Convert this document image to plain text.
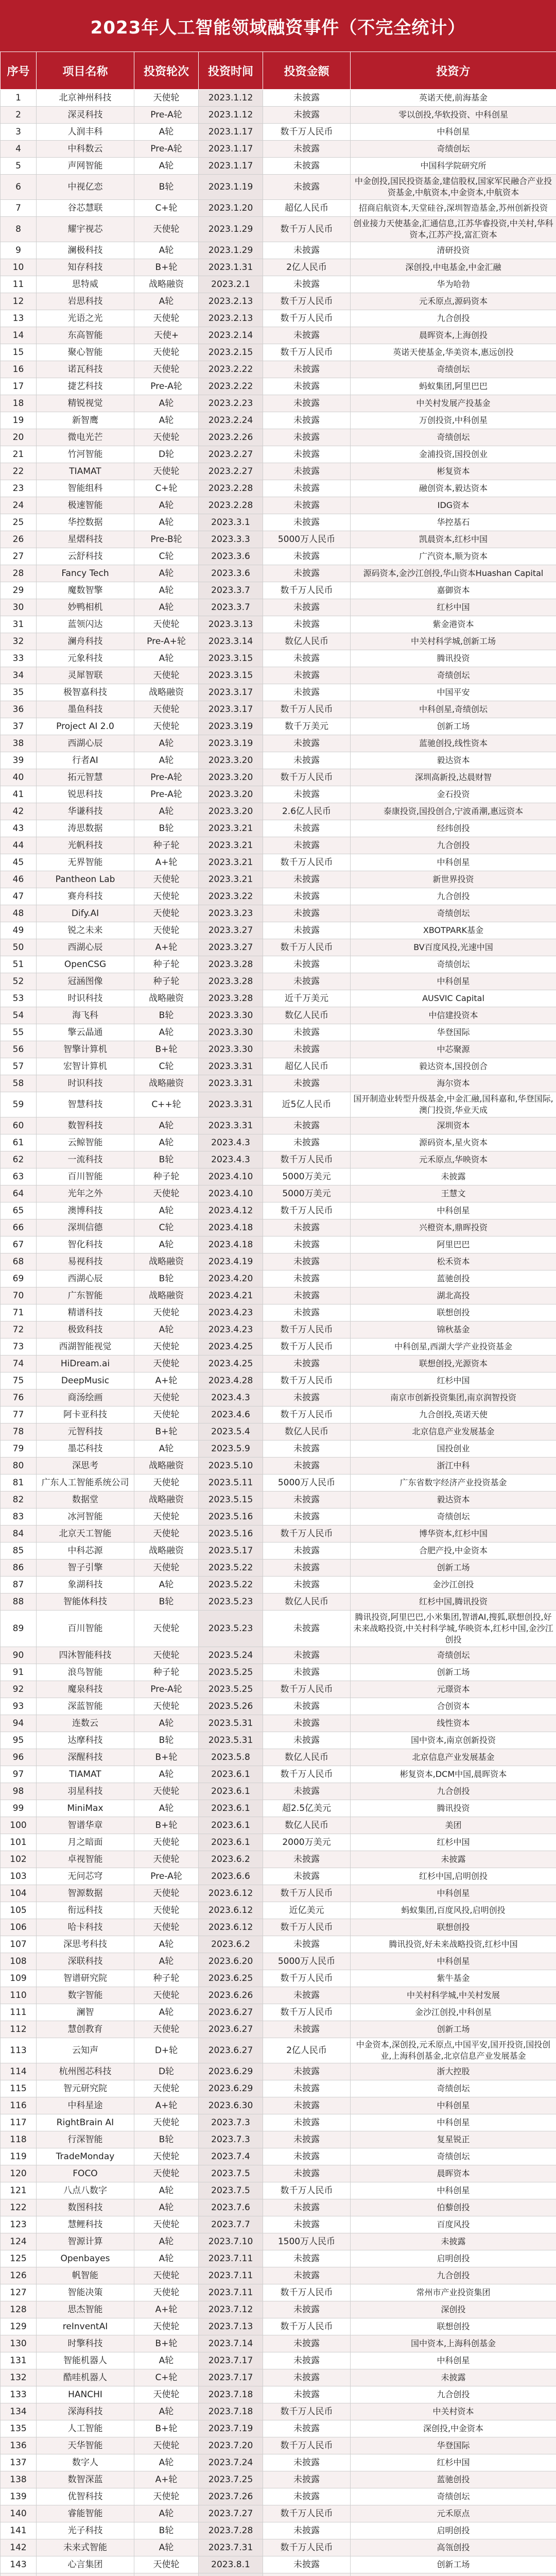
2023年人工智能领域融资事件（不完全统计）
序号	项目名称	投资轮次	投资时间	投资金额	投资方
1	北京神州科技	天使轮	2023.1.12	未披露	英诺天使,前海基金
2	深灵科技	Pre-A轮	2023.1.12	未披露	零以创投,华软投资、中科创星
3	人润丰科	A轮	2023.1.17	数千万人民币	中科创星
4	中科数云	Pre-A轮	2023.1.17	未披露	奇绩创坛
5	声网智能	A轮	2023.1.17	未披露	中国科学院研究所
6	中视亿恋	B轮	2023.1.19	未披露	中金创投,国民投资基金,建信股权,国家军民融合产业投资基金,中航资本,中金资本,中航资本
7	谷芯慧联	C+轮	2023.1.20	超亿人民币	招商启航资本,天堂硅谷,深圳智造基金,苏州创新投资
8	耀宇视芯	天使轮	2023.1.29	数千万人民币	创业接力天使基金,汇通信息,江苏华睿投资,中关村,华科资本,江苏产投,富汇资本
9	澜极科技	A轮	2023.1.29	未披露	清研投资
10	知存科技	B+轮	2023.1.31	2亿人民币	深创投,中电基金,中金汇融
11	思特威	战略融资	2023.2.1	未披露	华为哈勃
12	岩思科技	A轮	2023.2.13	数千万人民币	元禾原点,源码资本
13	光语之光	天使轮	2023.2.13	数千万人民币	九合创投
14	东高智能	天使+	2023.2.14	未披露	晨晖资本,上海创投
15	聚心智能	天使轮	2023.2.15	数千万人民币	英诺天使基金,华美资本,惠远创投
16	诺瓦科技	天使轮	2023.2.22	未披露	奇绩创坛
17	捷艺科技	Pre-A轮	2023.2.22	未披露	蚂蚁集团,阿里巴巴
18	精锐视觉	A轮	2023.2.23	未披露	中关村发展产投基金
19	新智鹰	A轮	2023.2.24	未披露	万创投资,中科创星
20	微电光芒	天使轮	2023.2.26	未披露	奇绩创坛
21	竹河智能	D轮	2023.2.27	未披露	金浦投资,国投创业
22	TIAMAT	天使轮	2023.2.27	未披露	彬复资本
23	智能组科	C+轮	2023.2.28	未披露	融创资本,毅达资本
24	极速智能	A轮	2023.2.28	未披露	IDG资本
25	华控数据	A轮	2023.3.1	未披露	华控基石
26	星熠科技	Pre-B轮	2023.3.3	5000万人民币	凯晨资本,红杉中国
27	云舒科技	C轮	2023.3.6	未披露	广汽资本,顺为资本
28	Fancy Tech	A轮	2023.3.6	未披露	源码资本,金沙江创投,华山资本Huashan Capital
29	魔数智擎	A轮	2023.3.7	数千万人民币	嘉御资本
30	妙鸭相机	A轮	2023.3.7	未披露	红杉中国
31	蓝领闪达	天使轮	2023.3.13	未披露	紫金港资本
32	澜舟科技	Pre-A+轮	2023.3.14	数亿人民币	中关村科学城,创新工场
33	元象科技	A轮	2023.3.15	未披露	腾讯投资
34	灵犀智联	天使轮	2023.3.15	未披露	奇绩创坛
35	极智嘉科技	战略融资	2023.3.17	未披露	中国平安
36	墨鱼科技	天使轮	2023.3.17	数千万人民币	中科创星,奇绩创坛
37	Project AI 2.0	天使轮	2023.3.19	数千万美元	创新工场
38	西湖心辰	A轮	2023.3.19	未披露	蓝驰创投,线性资本
39	行者AI	A轮	2023.3.20	未披露	毅达资本
40	拓元智慧	Pre-A轮	2023.3.20	数千万人民币	深圳高新投,达晨财智
41	锐思科技	Pre-A轮	2023.3.20	未披露	金石投资
42	华谦科技	A轮	2023.3.20	2.6亿人民币	泰康投资,国投创合,宁波甬潮,惠远资本
43	涛思数据	B轮	2023.3.21	未披露	经纬创投
44	光帆科技	种子轮	2023.3.21	未披露	九合创投
45	无界智能	A+轮	2023.3.21	数千万人民币	中科创星
46	Pantheon Lab	天使轮	2023.3.21	未披露	新世界投资
47	赛舟科技	天使轮	2023.3.22	未披露	九合创投
48	Dify.AI	天使轮	2023.3.23	未披露	奇绩创坛
49	锐之未来	天使轮	2023.3.27	未披露	XBOTPARK基金
50	西湖心辰	A+轮	2023.3.27	数千万人民币	BV百度风投,光速中国
51	OpenCSG	种子轮	2023.3.28	未披露	奇绩创坛
52	冠涵图像	种子轮	2023.3.28	未披露	中科创星
53	时识科技	战略融资	2023.3.28	近千万美元	AUSVIC Capital
54	海飞科	B轮	2023.3.30	数亿人民币	中信建投资本
55	擎云晶通	A轮	2023.3.30	未披露	华登国际
56	智擎计算机	B+轮	2023.3.30	未披露	中芯聚源
57	宏智计算机	C轮	2023.3.31	超亿人民币	毅达资本,国投创合
58	时识科技	战略融资	2023.3.31	未披露	海尔资本
59	智慧科技	C++轮	2023.3.31	近5亿人民币	国开制造业转型升级基金,中金汇融,国科嘉和,华登国际,澳门投资,华业天成
60	数智科技	A轮	2023.3.31	未披露	深圳资本
61	云鲸智能	A轮	2023.4.3	未披露	源码资本,星火资本
62	一流科技	B轮	2023.4.3	数千万人民币	元禾原点,华映资本
63	百川智能	种子轮	2023.4.10	5000万美元	未披露
64	光年之外	天使轮	2023.4.10	5000万美元	王慧文
65	澳博科技	A轮	2023.4.12	数千万人民币	中科创星
66	深圳信德	C轮	2023.4.18	未披露	兴橙资本,鼎晖投资
67	智化科技	A轮	2023.4.18	未披露	阿里巴巴
68	易视科技	战略融资	2023.4.19	未披露	松禾资本
69	西湖心辰	B轮	2023.4.20	未披露	蓝驰创投
70	广东智能	战略融资	2023.4.21	未披露	湖北高投
71	精谱科技	天使轮	2023.4.23	未披露	联想创投
72	极致科技	A轮	2023.4.23	数千万人民币	锦秋基金
73	西湖智能视觉	天使轮	2023.4.25	数千万人民币	中科创星,西湖大学产业投资基金
74	HiDream.ai	天使轮	2023.4.25	未披露	联想创投,光源资本
75	DeepMusic	A+轮	2023.4.28	数千万人民币	红杉中国
76	商汤绘画	天使轮	2023.4.3	未披露	南京市创新投资集团,南京润智投资
77	阿卡亚科技	天使轮	2023.4.6	数千万人民币	九合创投,英诺天使
78	元智科技	B+轮	2023.5.4	数亿人民币	北京信息产业发展基金
79	墨芯科技	A轮	2023.5.9	未披露	国投创业
80	深思考	战略融资	2023.5.10	未披露	浙江中科
81	广东人工智能系统公司	天使轮	2023.5.11	5000万人民币	广东省数字经济产业投资基金
82	数据堂	战略融资	2023.5.15	未披露	毅达资本
83	冰河智能	天使轮	2023.5.16	未披露	奇绩创坛
84	北京天工智能	天使轮	2023.5.16	数千万人民币	博华资本,红杉中国
85	中科芯源	战略融资	2023.5.17	未披露	合肥产投,中金资本
86	智子引擎	天使轮	2023.5.22	未披露	创新工场
87	象湖科技	A轮	2023.5.22	未披露	金沙江创投
88	智能体科技	B轮	2023.5.23	数亿人民币	红杉中国,腾讯投资
89	百川智能	天使轮	2023.5.23	未披露	腾讯投资,阿里巴巴,小米集团,智谱AI,搜狐,联想创投,好未来战略投资,中关村科学城,华映资本,红杉中国,金沙江创投
90	四沐智能科技	天使轮	2023.5.24	未披露	奇绩创坛
91	浪鸟智能	种子轮	2023.5.25	未披露	创新工场
92	魔泉科技	Pre-A轮	2023.5.25	数千万人民币	元璟资本
93	深蓝智能	天使轮	2023.5.26	未披露	合创资本
94	连数云	A轮	2023.5.31	未披露	线性资本
95	达摩科技	B轮	2023.5.31	未披露	国中资本,南京创新投资
96	深醒科技	B+轮	2023.5.8	数亿人民币	北京信息产业发展基金
97	TIAMAT	A轮	2023.6.1	数千万人民币	彬复资本,DCM中国,晨晖资本
98	羽星科技	天使轮	2023.6.1	未披露	九合创投
99	MiniMax	A轮	2023.6.1	超2.5亿美元	腾讯投资
100	智谱华章	B+轮	2023.6.1	数亿人民币	美团
101	月之暗面	天使轮	2023.6.1	2000万美元	红杉中国
102	卓视智能	天使轮	2023.6.2	未披露	未披露
103	无问芯穹	Pre-A轮	2023.6.6	未披露	红杉中国,启明创投
104	智源数据	天使轮	2023.6.12	数千万人民币	中科创星
105	衔远科技	天使轮	2023.6.12	近亿美元	蚂蚁集团,百度风投,启明创投
106	哈卡科技	天使轮	2023.6.12	数千万人民币	联想创投
107	深思考科技	A轮	2023.6.2	未披露	腾讯投资,好未来战略投资,红杉中国
108	深联科技	A轮	2023.6.20	5000万人民币	中科创星
109	智谱研究院	种子轮	2023.6.25	数千万人民币	紫牛基金
110	数字智能	天使轮	2023.6.26	未披露	中关村科学城,中关村发展
111	澜智	A轮	2023.6.27	数千万人民币	金沙江创投,中科创星
112	慧创教育	天使轮	2023.6.27	未披露	创新工场
113	云知声	D+轮	2023.6.27	2亿人民币	中金资本,深创投,元禾原点,中国平安,国开投资,国投创业,上海科创基金,北京信息产业发展基金
114	杭州图芯科技	D轮	2023.6.29	未披露	浙大控股
115	智元研究院	天使轮	2023.6.29	未披露	奇绩创坛
116	中科星途	A+轮	2023.6.30	未披露	中科创星
117	RightBrain AI	天使轮	2023.7.3	未披露	中科创星
118	行深智能	B轮	2023.7.3	未披露	复星锐正
119	TradeMonday	天使轮	2023.7.4	未披露	奇绩创坛
120	FOCO	天使轮	2023.7.5	未披露	晨晖资本
121	八点八数字	A轮	2023.7.5	数千万人民币	中科创星
122	数图科技	A轮	2023.7.6	未披露	伯藜创投
123	慧鲤科技	天使轮	2023.7.7	未披露	百度风投
124	智源计算	A轮	2023.7.10	1500万人民币	未披露
125	Openbayes	A轮	2023.7.11	未披露	启明创投
126	帆智能	天使轮	2023.7.11	未披露	九合创投
127	智能决策	天使轮	2023.7.11	数千万人民币	常州市产业投资集团
128	思杰智能	A+轮	2023.7.12	未披露	深创投
129	reInventAI	天使轮	2023.7.13	数千万人民币	联想创投
130	时擎科技	B+轮	2023.7.14	未披露	国中资本,上海科创基金
131	智能机器人	A轮	2023.7.17	未披露	中科创星
132	酷哇机器人	C+轮	2023.7.17	未披露	未披露
133	HANCHI	天使轮	2023.7.18	未披露	九合创投
134	深海科技	A轮	2023.7.18	数千万人民币	中关村资本
135	人工智能	B+轮	2023.7.19	未披露	深创投,中金资本
136	天华智能	天使轮	2023.7.20	数千万人民币	华登国际
137	数字人	A轮	2023.7.24	未披露	红杉中国
138	数智深蓝	A+轮	2023.7.25	未披露	蓝驰创投
139	优智科技	天使轮	2023.7.26	未披露	奇绩创坛
140	睿能智能	A轮	2023.7.27	数千万人民币	元禾原点
141	光子科技	B轮	2023.7.28	未披露	启明创投
142	未来式智能	A轮	2023.7.31	数千万人民币	高瓴创投
143	心言集团	天使轮	2023.8.1	未披露	创新工场
